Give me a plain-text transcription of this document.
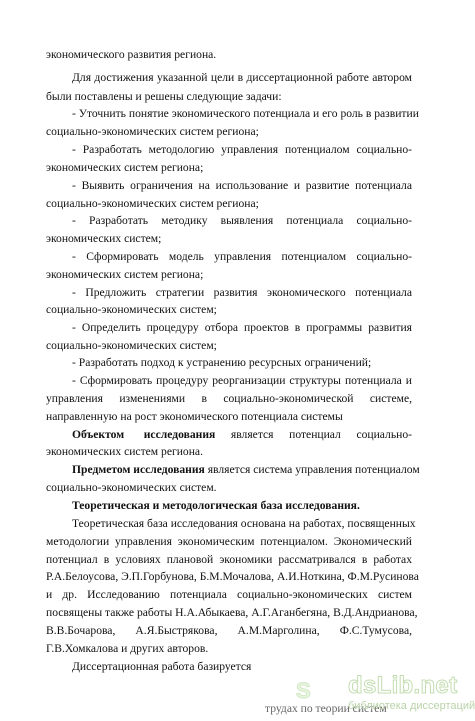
экономического развития региона.
Для достижения указанной цели в диссертационной работе автором
были поставлены и решены следующие задачи:
- Уточнить понятие экономического потенциала и его роль в развитии
социально-экономических систем региона;
- Разработать методологию управления потенциалом социально-
экономических систем региона;
- Выявить ограничения на использование и развитие потенциала
социально-экономических систем региона;
- Разработать методику выявления потенциала социально-
экономических систем;
- Сформировать модель управления потенциалом социально-
экономических систем региона;
- Предложить стратегии развития экономического потенциала
социально-экономических систем;
- Определить процедуру отбора проектов в программы развития
социально-экономических систем;
- Разработать подход к устранению ресурсных ограничений;
- Сформировать процедуру реорганизации структуры потенциала и
управления изменениями в социально-экономической системе,
направленную на рост экономического потенциала системы
Объектом исследования является потенциал социально-
экономических систем региона.
Предметом исследования является система управления потенциалом
социально-экономических систем.
Теоретическая и методологическая база исследования.
Теоретическая база исследования основана на работах, посвященных
методологии управления экономическим потенциалом. Экономический
потенциал в условиях плановой экономики рассматривался в работах
Р.А.Белоусова, Э.П.Горбунова, Б.М.Мочалова, А.И.Ноткина, Ф.М.Русинова
и др. Исследованию потенциала социально-экономических систем
посвящены также работы Н.А.Абыкаева, А.Г.Аганбегяна, В.Д.Андрианова,
В.В.Бочарова, А.Я.Быстрякова, А.М.Марголина, Ф.С.Тумусова,
Г.В.Хомкалова и других авторов.
Диссертационная работа базируется
трудах по теории систем
S	dsLib.net
библиотека диссертаций
